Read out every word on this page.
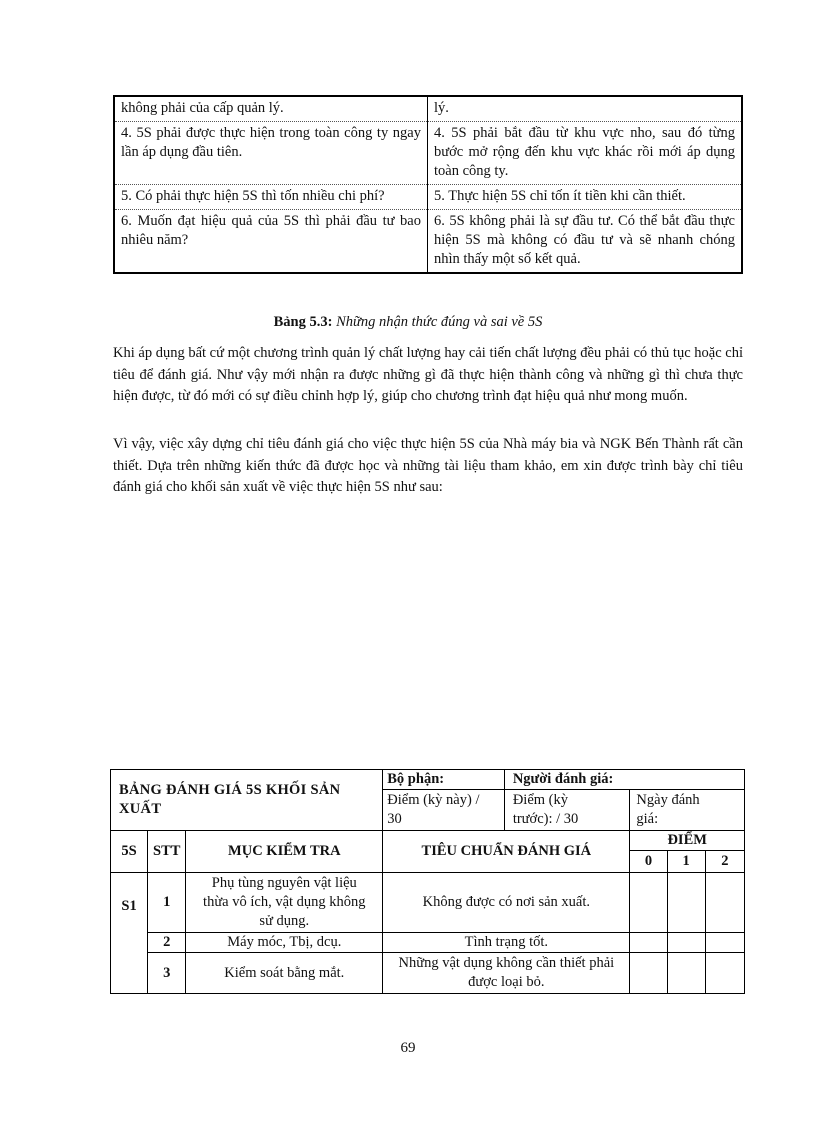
không phải của cấp quản lý.	lý.
4. 5S phải được thực hiện trong toàn công ty ngay lần áp dụng đầu tiên.	4. 5S phải bắt đầu từ khu vực nho, sau đó từng bước mở rộng đến khu vực khác rồi mới áp dụng toàn công ty.
5. Có phải thực hiện 5S thì tốn nhiều chi phí?	5. Thực hiện 5S chỉ tốn ít tiền khi cần thiết.
6. Muốn đạt hiệu quả của 5S thì phải đầu tư bao nhiêu năm?	6. 5S không phải là sự đầu tư. Có thể bắt đầu thực hiện 5S mà không có đầu tư và sẽ nhanh chóng nhìn thấy một số kết quả.
Bảng 5.3: Những nhận thức đúng và sai về 5S

Khi áp dụng bất cứ một chương trình quản lý chất lượng hay cải tiến chất lượng đều phải có thủ tục hoặc chỉ tiêu để đánh giá. Như vậy mới nhận ra được những gì đã thực hiện thành công và những gì thì chưa thực hiện được, từ đó mới có sự điều chỉnh hợp lý, giúp cho chương trình đạt hiệu quả như mong muốn.

Vì vậy, việc xây dựng chỉ tiêu đánh giá cho việc thực hiện 5S của Nhà máy bia và NGK Bến Thành rất cần thiết. Dựa trên những kiến thức đã được học và những tài liệu tham khảo, em xin được trình bày chỉ tiêu đánh giá cho khối sản xuất về việc thực hiện 5S như sau:

BẢNG ĐÁNH GIÁ 5S KHỐI SẢN XUẤT			Bộ phận:	Người đánh giá:			

			Điểm (kỳ này) / 30	Điểm (kỳ trước): / 30	Ngày đánh giá:		

5S	STT	MỤC KIỂM TRA	TIÊU CHUẨN ĐÁNH GIÁ		ĐIỂM		
					0	1	2
S1	1	Phụ tùng nguyên vật liệu thừa vô ích, vật dụng không sử dụng.	Không được có nơi sản xuất.				
	2	Máy móc, Tbị, dcụ.	Tình trạng tốt.				
	3	Kiểm soát bằng mắt.	Những vật dụng không cần thiết phải được loại bỏ.				
69
